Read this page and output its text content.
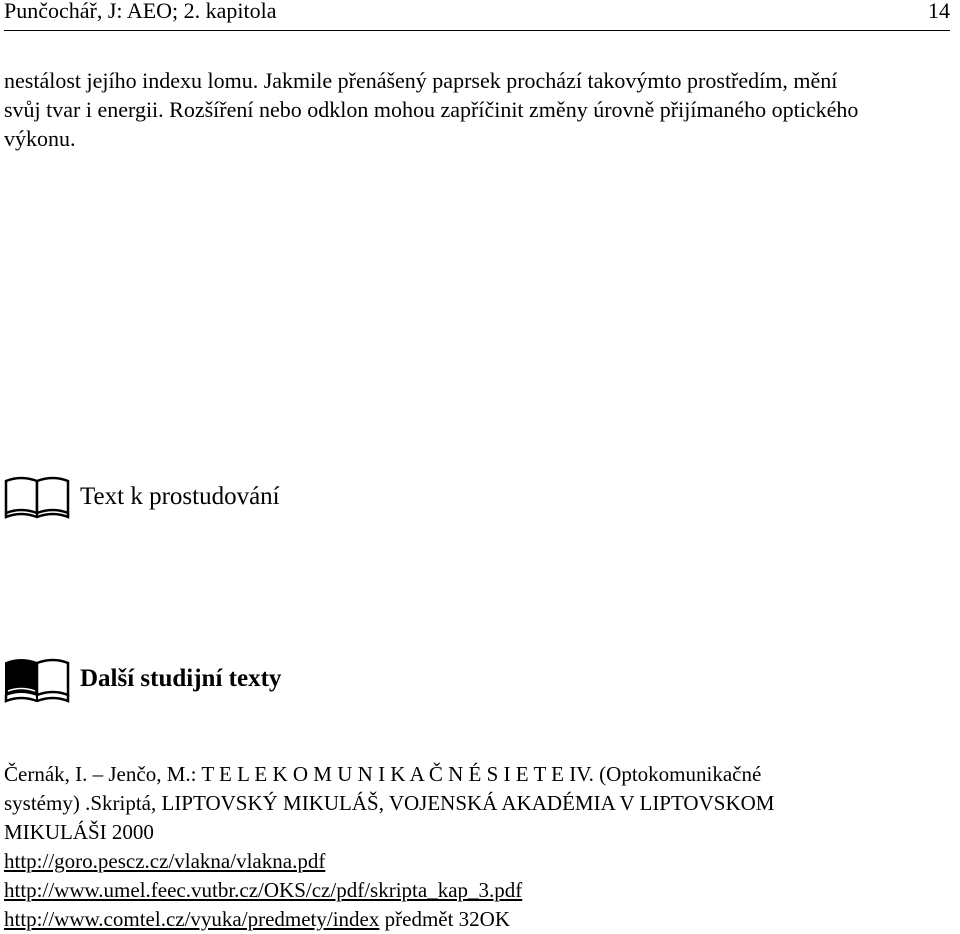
Punčochář, J: AEO; 2. kapitola	14
nestálost jejího indexu lomu. Jakmile přenášený paprsek prochází takovýmto prostředím, mění
svůj tvar i energii. Rozšíření nebo odklon mohou zapříčinit změny úrovně přijímaného optického
výkonu.
Text k prostudování
Další studijní texty
Černák, I. – Jenčo, M.: T E L E K O M U N I K A Č N É S I E T E IV. (Optokomunikačné
systémy) .Skriptá, LIPTOVSKÝ MIKULÁŠ, VOJENSKÁ AKADÉMIA V LIPTOVSKOM
MIKULÁŠI 2000
http://goro.pescz.cz/vlakna/vlakna.pdf
http://www.umel.feec.vutbr.cz/OKS/cz/pdf/skripta_kap_3.pdf
http://www.comtel.cz/vyuka/predmety/index předmět 32OK
